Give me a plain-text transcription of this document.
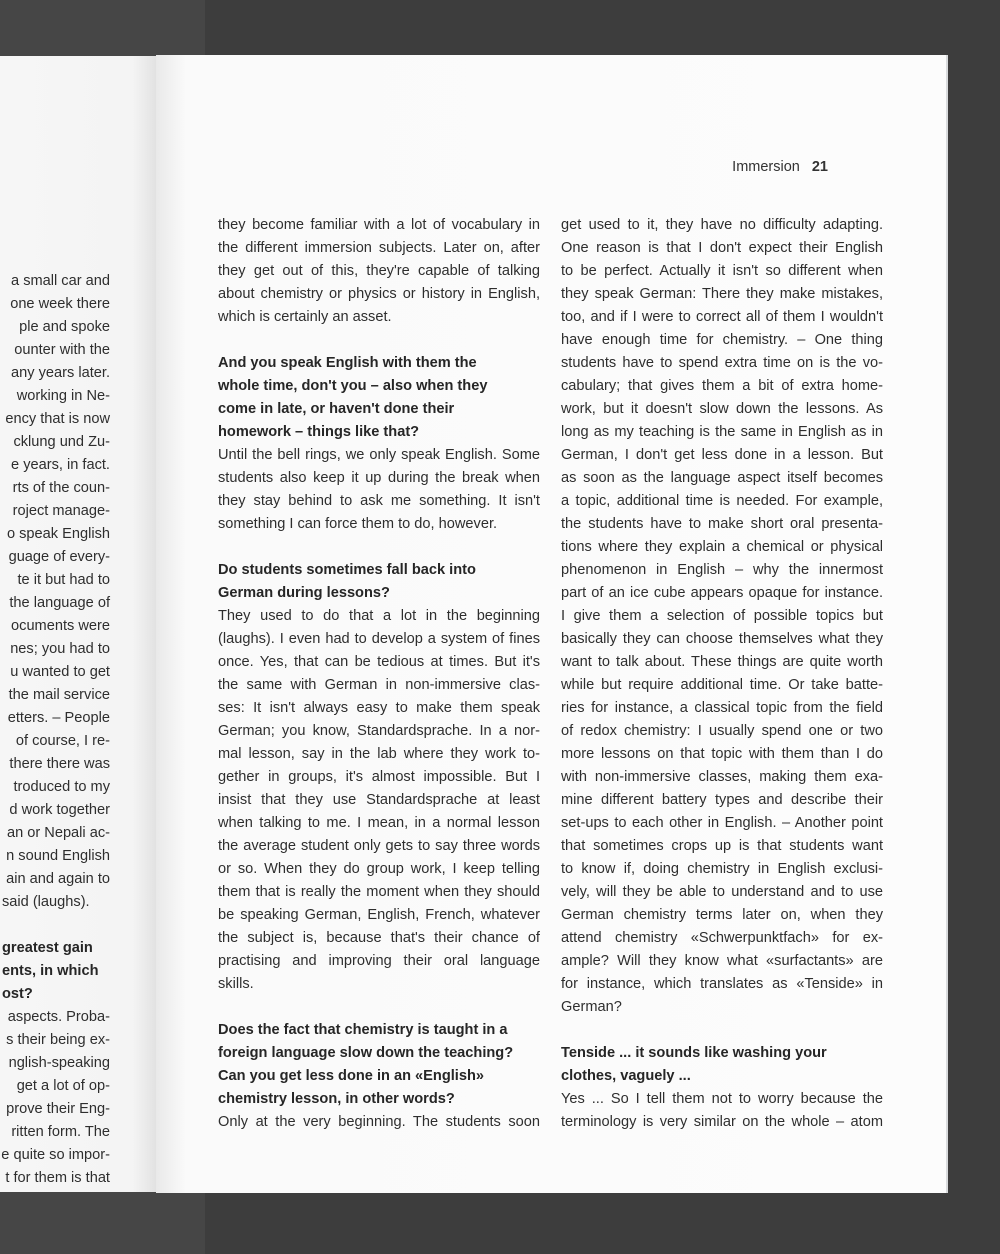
a small car and
one week there
ple and spoke
ounter with the
any years later.
working in Ne-
ency that is now
cklung und Zu-
e years, in fact.
rts of the coun-
roject manage-
o speak English
guage of every-
te it but had to
the language of
ocuments were
nes; you had to
u wanted to get
the mail service
etters. – People
of course, I re-
there there was
troduced to my
d work together
an or Nepali ac-
n sound English
ain and again to
said (laughs).

greatest gain
ents, in which
ost?
aspects. Proba-
s their being ex-
nglish-speaking
get a lot of op-
prove their Eng-
ritten form. The
e quite so impor-
t for them is that
Immersion 21
they become familiar with a lot of vocabulary in
the different immersion subjects. Later on, after
they get out of this, they're capable of talking
about chemistry or physics or history in English,
which is certainly an asset.

And you speak English with them the
whole time, don't you – also when they
come in late, or haven't done their
homework – things like that?
Until the bell rings, we only speak English. Some
students also keep it up during the break when
they stay behind to ask me something. It isn't
something I can force them to do, however.

Do students sometimes fall back into
German during lessons?
They used to do that a lot in the beginning
(laughs). I even had to develop a system of fines
once. Yes, that can be tedious at times. But it's
the same with German in non-immersive clas-
ses: It isn't always easy to make them speak
German; you know, Standardsprache. In a nor-
mal lesson, say in the lab where they work to-
gether in groups, it's almost impossible. But I
insist that they use Standardsprache at least
when talking to me. I mean, in a normal lesson
the average student only gets to say three words
or so. When they do group work, I keep telling
them that is really the moment when they should
be speaking German, English, French, whatever
the subject is, because that's their chance of
practising and improving their oral language
skills.

Does the fact that chemistry is taught in a
foreign language slow down the teaching?
Can you get less done in an «English»
chemistry lesson, in other words?
Only at the very beginning. The students soon
get used to it, they have no difficulty adapting.
One reason is that I don't expect their English
to be perfect. Actually it isn't so different when
they speak German: There they make mistakes,
too, and if I were to correct all of them I wouldn't
have enough time for chemistry. – One thing
students have to spend extra time on is the vo-
cabulary; that gives them a bit of extra home-
work, but it doesn't slow down the lessons. As
long as my teaching is the same in English as in
German, I don't get less done in a lesson. But
as soon as the language aspect itself becomes
a topic, additional time is needed. For example,
the students have to make short oral presenta-
tions where they explain a chemical or physical
phenomenon in English – why the innermost
part of an ice cube appears opaque for instance.
I give them a selection of possible topics but
basically they can choose themselves what they
want to talk about. These things are quite worth
while but require additional time. Or take batte-
ries for instance, a classical topic from the field
of redox chemistry: I usually spend one or two
more lessons on that topic with them than I do
with non-immersive classes, making them exa-
mine different battery types and describe their
set-ups to each other in English. – Another point
that sometimes crops up is that students want
to know if, doing chemistry in English exclusi-
vely, will they be able to understand and to use
German chemistry terms later on, when they
attend chemistry «Schwerpunktfach» for ex-
ample? Will they know what «surfactants» are
for instance, which translates as «Tenside» in
German?

Tenside ... it sounds like washing your
clothes, vaguely ...
Yes ... So I tell them not to worry because the
terminology is very similar on the whole – atom
